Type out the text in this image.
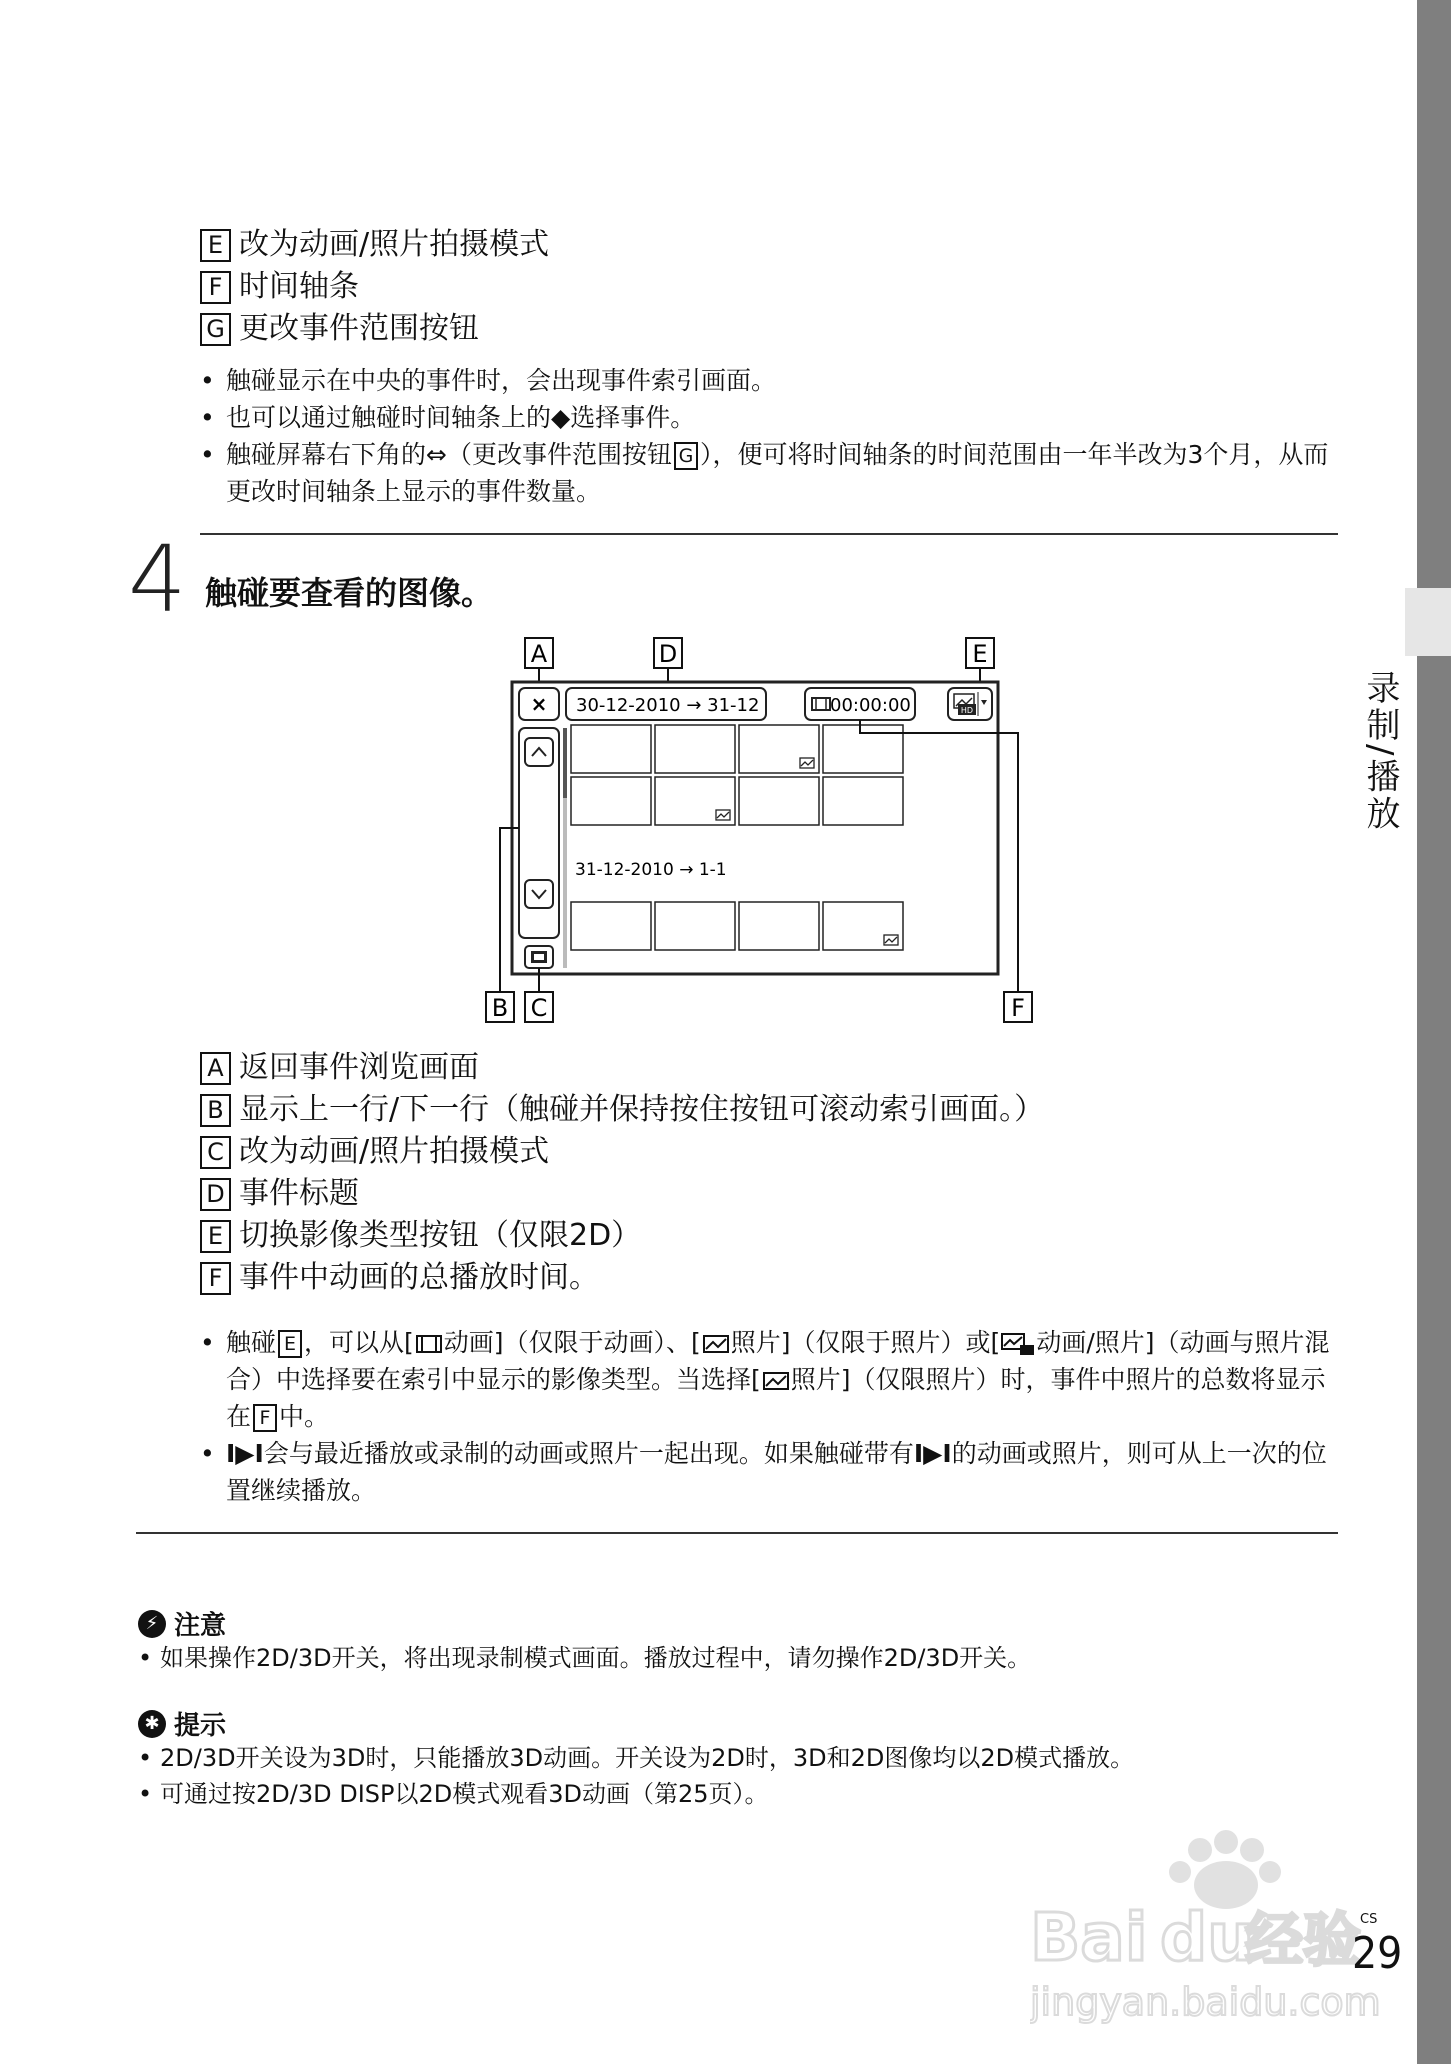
录制/播放
E 改为动画/照片拍摄模式
F 时间轴条
G 更改事件范围按钮

• 触碰显示在中央的事件时，会出现事件索引画面。

• 也可以通过触碰时间轴条上的◆选择事件。

• 触碰屏幕右下角的⇔（更改事件范围按钮 G ），便可将时间轴条的时间范围由一年半改为3个月，从而更改时间轴条上显示的事件数量。

4 触碰要查看的图像。
A	D	E
× 30-12-2010 → 31-12	00:00:00	HD
31-12-2010 → 1-1
B C	F
A 返回事件浏览画面
B 显示上一行/下一行（触碰并保持按住按钮可滚动索引画面。）
C 改为动画/照片拍摄模式
D 事件标题
E 切换影像类型按钮（仅限2D）
F 事件中动画的总播放时间。

• 触碰 E ，可以从[ 动画]（仅限于动画）、[ 照片]（仅限于照片）或[ 动画/照片]（动画与照片混合）中选择要在索引中显示的影像类型。当选择[ 照片]（仅限照片）时，事件中照片的总数将显示在 F 中。

• I▶I会与最近播放或录制的动画或照片一起出现。如果触碰带有I▶I的动画或照片，则可从上一次的位置继续播放。

⚡ 注意
• 如果操作2D/3D开关，将出现录制模式画面。播放过程中，请勿操作2D/3D开关。
✱ 提示
• 2D/3D开关设为3D时，只能播放3D动画。开关设为2D时，3D和2D图像均以2D模式播放。
• 可通过按2D/3D DISP以2D模式观看3D动画（第25页）。
Bai du
经验
jingyan.baidu.com
CS
29
